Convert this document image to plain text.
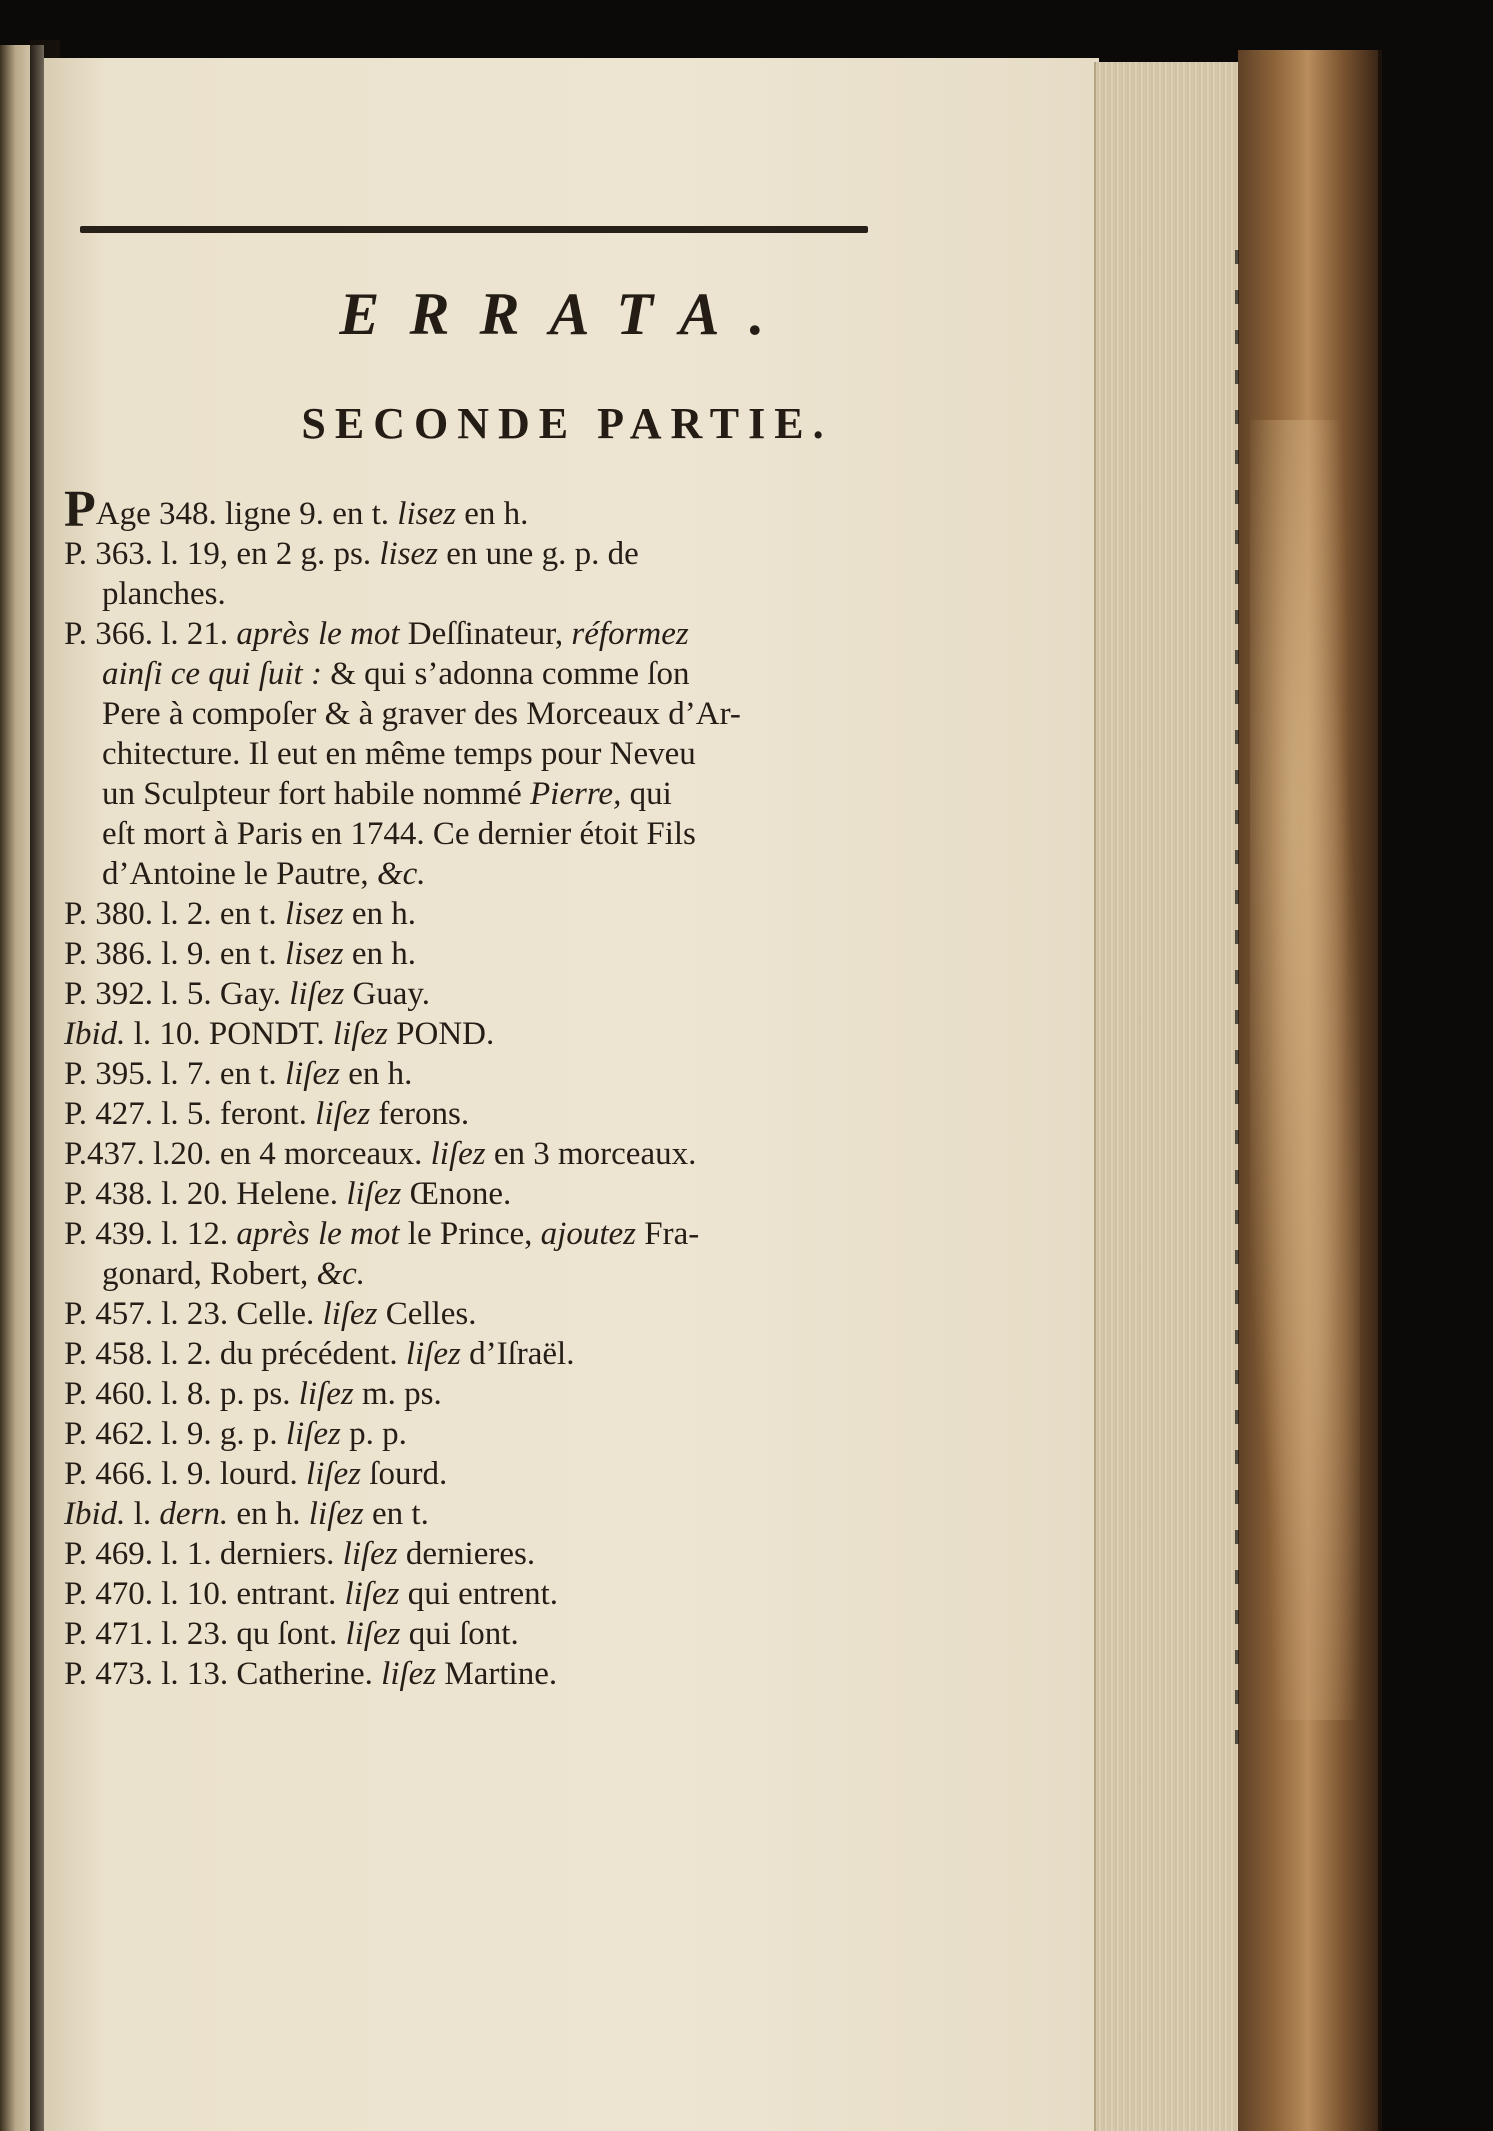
ERRATA.
SECONDE PARTIE.

PAge 348. ligne 9. en t. lisez en h.

P. 363. l. 19, en 2 g. ps. lisez en une g. p. de
planches.

P. 366. l. 21. après le mot Deſſinateur, réformez
ainſi ce qui ſuit : & qui s’adonna comme ſon
Pere à compoſer & à graver des Morceaux d’Ar-
chitecture. Il eut en même temps pour Neveu
un Sculpteur fort habile nommé Pierre, qui
eſt mort à Paris en 1744. Ce dernier étoit Fils
d’Antoine le Pautre, &c.

P. 380. l. 2. en t. lisez en h.

P. 386. l. 9. en t. lisez en h.

P. 392. l. 5. Gay. liſez Guay.

Ibid. l. 10. PONDT. liſez POND.

P. 395. l. 7. en t. liſez en h.

P. 427. l. 5. feront. liſez ferons.

P.437. l.20. en 4 morceaux. liſez en 3 morceaux.

P. 438. l. 20. Helene. liſez Œnone.

P. 439. l. 12. après le mot le Prince, ajoutez Fra-
gonard, Robert, &c.

P. 457. l. 23. Celle. liſez Celles.

P. 458. l. 2. du précédent. liſez d’Iſraël.

P. 460. l. 8. p. ps. liſez m. ps.

P. 462. l. 9. g. p. liſez p. p.

P. 466. l. 9. lourd. liſez ſourd.

Ibid. l. dern. en h. liſez en t.

P. 469. l. 1. derniers. liſez dernieres.

P. 470. l. 10. entrant. liſez qui entrent.

P. 471. l. 23. qu ſont. liſez qui ſont.

P. 473. l. 13. Catherine. liſez Martine.
